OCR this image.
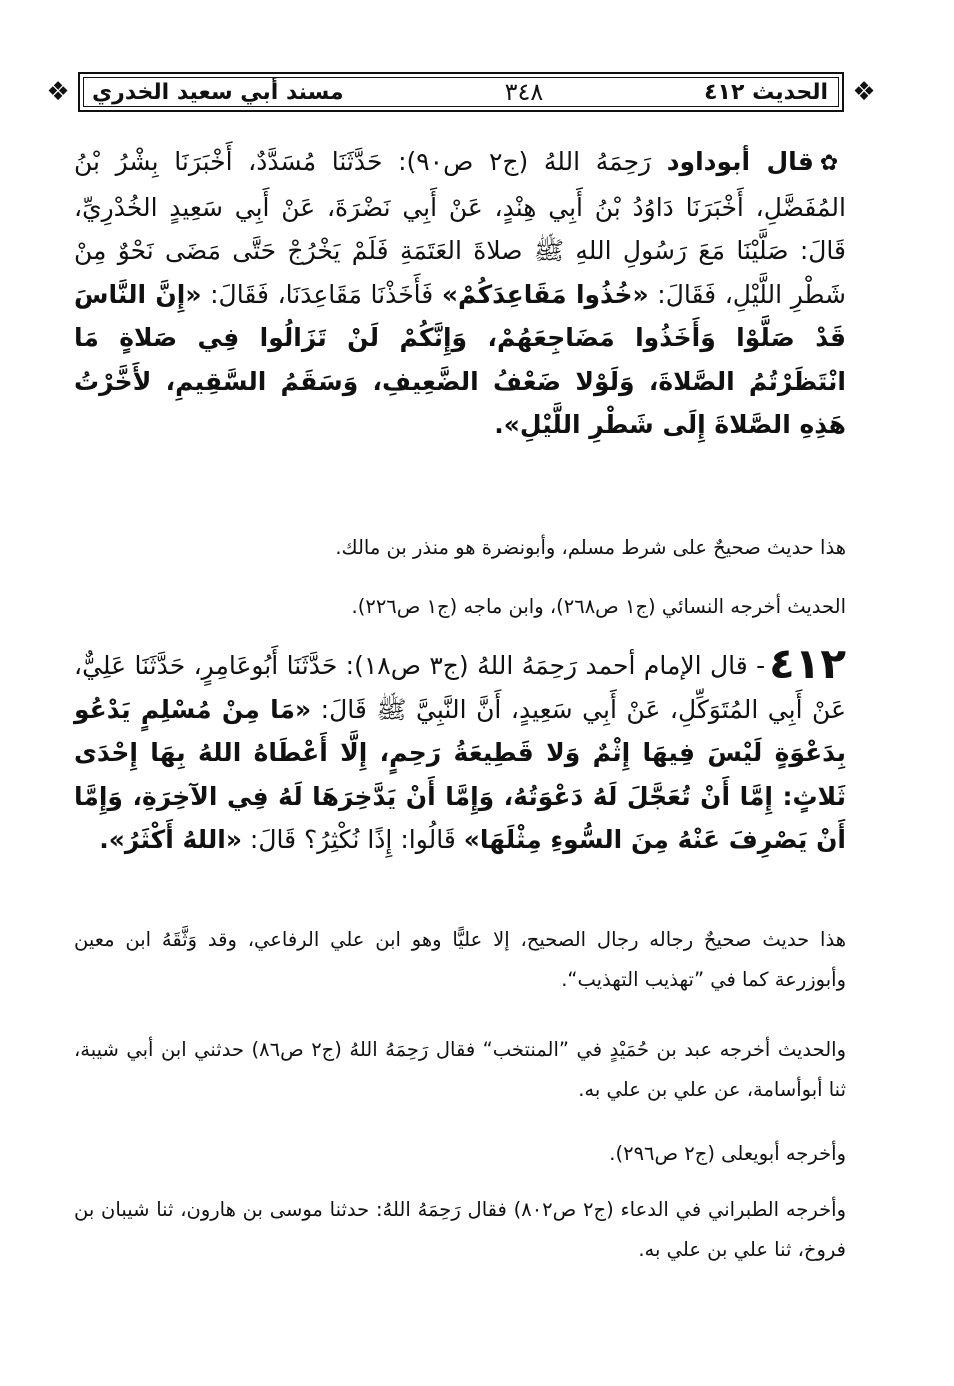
❖
❖	الحديث ٤١٢
٣٤٨
مسند أبي سعيد الخدري
✿قال أبوداود رَحِمَهُ اللهُ (ج٢ ص٩٠): حَدَّثَنَا مُسَدَّدٌ، أَخْبَرَنَا بِشْرُ بْنُ المُفَضَّلِ، أَخْبَرَنَا دَاوُدُ بْنُ أَبِي هِنْدٍ، عَنْ أَبِي نَضْرَةَ، عَنْ أَبِي سَعِيدٍ الخُدْرِيِّ، قَالَ: صَلَّيْنَا مَعَ رَسُولِ اللهِ ﷺ صلاةَ العَتَمَةِ فَلَمْ يَخْرُجْ حَتَّى مَضَى نَحْوٌ مِنْ شَطْرِ اللَّيْلِ، فَقَالَ: «خُذُوا مَقَاعِدَكُمْ» فَأَخَذْنَا مَقَاعِدَنَا، فَقَالَ: «إِنَّ النَّاسَ قَدْ صَلَّوْا وَأَخَذُوا مَضَاجِعَهُمْ، وَإِنَّكُمْ لَنْ تَزَالُوا فِي صَلاةٍ مَا انْتَظَرْتُمُ الصَّلاةَ، وَلَوْلا ضَعْفُ الضَّعِيفِ، وَسَقَمُ السَّقِيمِ، لأَخَّرْتُ هَذِهِ الصَّلاةَ إِلَى شَطْرِ اللَّيْلِ».
هذا حديث صحيحٌ على شرط مسلم، وأبونضرة هو منذر بن مالك.
الحديث أخرجه النسائي (ج١ ص٢٦٨)، وابن ماجه (ج١ ص٢٢٦).
٤١٢- قال الإمام أحمد رَحِمَهُ اللهُ (ج٣ ص١٨): حَدَّثَنَا أَبُوعَامِرٍ، حَدَّثَنَا عَلِيٌّ، عَنْ أَبِي المُتَوَكِّلِ، عَنْ أَبِي سَعِيدٍ، أَنَّ النَّبِيَّ ﷺ قَالَ: «مَا مِنْ مُسْلِمٍ يَدْعُو بِدَعْوَةٍ لَيْسَ فِيهَا إِثْمٌ وَلا قَطِيعَةُ رَحِمٍ، إِلَّا أَعْطَاهُ اللهُ بِهَا إِحْدَى ثَلاثٍ: إِمَّا أَنْ تُعَجَّلَ لَهُ دَعْوَتُهُ، وَإِمَّا أَنْ يَدَّخِرَهَا لَهُ فِي الآخِرَةِ، وَإِمَّا أَنْ يَصْرِفَ عَنْهُ مِنَ السُّوءِ مِثْلَهَا» قَالُوا: إِذًا نُكْثِرُ؟ قَالَ: «اللهُ أَكْثَرُ».
هذا حديث صحيحٌ رجاله رجال الصحيح، إلا عليًّا وهو ابن علي الرفاعي، وقد وَثَّقَهُ ابن معين وأبوزرعة كما في ”تهذيب التهذيب“.
والحديث أخرجه عبد بن حُمَيْدٍ في ”المنتخب“ فقال رَحِمَهُ اللهُ (ج٢ ص٨٦) حدثني ابن أبي شيبة، ثنا أبوأسامة، عن علي بن علي به.
وأخرجه أبويعلى (ج٢ ص٢٩٦).
وأخرجه الطبراني في الدعاء (ج٢ ص٨٠٢) فقال رَحِمَهُ اللهُ: حدثنا موسى بن هارون، ثنا شيبان بن فروخ، ثنا علي بن علي به.
